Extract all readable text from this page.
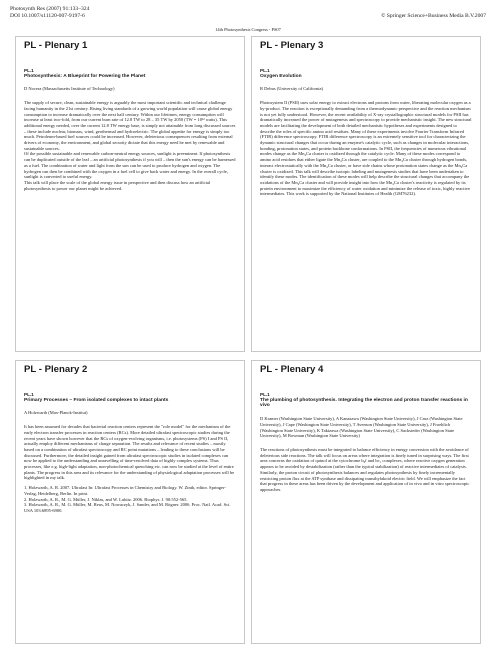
Photosynth Res (2007) 91:133–324
DOI 10.1007/s11120-007-9197-6	© Springer Science+Business Media B.V.2007
14th Photosynthesis Congress - PS07
PL - Plenary 1
PL.1
Photosynthesis: A Blueprint for Powering the Planet
D Nocera (Massachusetts Institute of Technology)

The supply of secure, clean, sustainable energy is arguably the most important scientific and technical challenge facing humanity in the 21st century. Rising living standards of a growing world population will cause global energy consumption to increase dramatically over the next half century. Within our lifetimes, energy consumption will increase at least two-fold, from our current burn rate of 12.8 TW to 28 – 35 TW by 2050 (TW = 10¹² watts). This additional energy needed, over the current 12.8 TW energy base, is simply not attainable from long discussed sources – these include nuclear, biomass, wind, geothermal and hydroelectric. The global appetite for energy is simply too much. Petroleum-based fuel sources could be increased. However, deleterious consequences resulting from external drivers of economy, the environment, and global security dictate that this energy need be met by renewable and sustainable sources.

Of the possible sustainable and renewable carbon-neutral energy sources, sunlight is preeminent. If photosynthesis can be duplicated outside of the leaf – an artificial photosynthesis if you will – then the sun's energy can be harnessed as a fuel. The combination of water and light from the sun can be used to produce hydrogen and oxygen. The hydrogen can then be combined with the oxygen in a fuel cell to give back water and energy. In the overall cycle, sunlight is converted to useful energy.

This talk will place the scale of the global energy issue in perspective and then discuss how an artificial photosynthesis to power our planet might be achieved.

PL - Plenary 3
PL.1
Oxygen Evolution
R Debus (University of California)

Photosystem II (PSII) uses solar energy to extract electrons and protons from water, liberating molecular oxygen as a by-product. The reaction is exceptionally demanding from a thermodynamic perspective and the reaction mechanism is not yet fully understood. However, the recent availability of X-ray crystallographic structural models for PSII has dramatically increased the power of mutagenesis and spectroscopy to provide mechanistic insight. The new structural models are facilitating the development of both detailed mechanistic hypotheses and experiments designed to describe the roles of specific amino acid residues. Many of these experiments involve Fourier Transform Infrared (FTIR) difference spectroscopy. FTIR difference spectroscopy is an extremely sensitive tool for characterizing the dynamic structural changes that occur during an enzyme's catalytic cycle, such as changes in molecular interactions, bonding, protonation states, and protein backbone conformations. In PSII, the frequencies of numerous vibrational modes change as the Mn₄Ca cluster is oxidized through the catalytic cycle. Many of these modes correspond to amino acid residues that either ligate the Mn₄Ca cluster, are coupled to the Mn₄Ca cluster through hydrogen bonds, interact electrostatically with the Mn₄Ca cluster, or have side chains whose protonation states change as the Mn₄Ca cluster is oxidized. This talk will describe isotopic labeling and mutagenesis studies that have been undertaken to identify these modes. The identification of these modes will help describe the structural changes that accompany the oxidations of the Mn₄Ca cluster and will provide insight into how the Mn₄Ca cluster's reactivity is regulated by its protein environment to maximize the efficiency of water oxidation and minimize the release of toxic, highly reactive intermediates. This work is supported by the National Institutes of Health (GM76232).

PL - Plenary 2
PL.1
Primary Processes – From isolated complexes to intact plants
A Holzwarth (Max-Planck-Institut)

It has been assumed for decades that bacterial reaction centers represent the "role model" for the mechanism of the early electron transfer processes in reaction centers (RCs). More detailed ultrafast spectroscopic studies during the recent years have shown however that the RCs of oxygen-evolving organisms, i.e. photosystems (PS) I and PS II, actually employ different mechanisms of charge separation. The results and relevance of recent studies – mostly based on a combination of ultrafast spectroscopy and RC point mutations – leading to these conclusions will be discussed. Furthermore, the detailed insight gained from ultrafast spectroscopic studies in isolated complexes can now be applied to the understanding and unravelling of time-resolved data of highly complex systems. Thus processes, like e.g. high-light adaptation, non-photochemical quenching etc. can now be studied at the level of entire plants. The progress in this area and its relevance for the understanding of physiological adaptation processes will be highlighted in my talk.

1. Holzwarth, A. R. 2007. Ultrafast In: Ultrafast Processes in Chemistry and Biology. W. Zinth, editor. Springer-Verlag, Heidelberg, Berlin. In print.

2. Holzwarth, A. R., M. G. Müller, J. Niklas, and W. Lubitz. 2006. Biophys. J. 90:552-565.

3. Holzwarth, A. R., M. G. Müller, M. Reus, M. Nowaczyk, J. Sander, and M. Rögner. 2006. Proc. Natl. Acad. Sci. USA 103:6895-6900.

PL - Plenary 4
PL.1
The plumbing of photosynthesis. Integrating the electron and proton transfer reactions in vivo
D Kramer (Washington State University), A Kanazawa (Washington State University), J Cruz (Washington State University), J Cape (Washington State University), T Avenson (Washington State University), J Froehlich (Washington State University), K Takizawa (Washington State University), C Sacksteder (Washington State University), M Bowman (Washington State University)

The reactions of photosynthesis must be integrated to balance efficiency in energy conversion with the avoidance of deleterious side reactions. The talk will focus on areas where integration is finely tuned in surprising ways. The first area concerns the oxidation of quinol at the cytochrome b₆f and bc₁ complexes, where reactive oxygen generation appears to be avoided by destabilization (rather than the typical stabilization) of reactive intermediates of catalysis. Similarly, the proton circuit of photosynthesis balances and regulates photosynthesis by finely incrementally restricting proton flux at the ATP synthase and dissipating transthylakoid electric field. We will emphasize the fact that progress in these areas has been driven by the development and application of in vivo and in vitro spectroscopic approaches.
